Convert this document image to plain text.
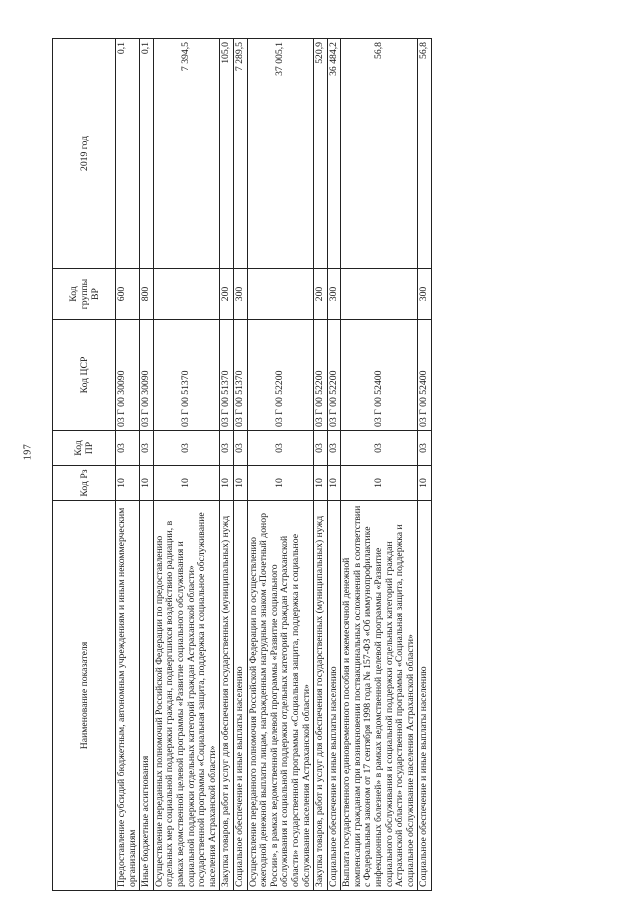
197
Наименование показателя	Код Рз	Код ПР	Код ЦСР	Код группы ВР	2019 год
Предоставление субсидий бюджетным, автономным учреждениям и иным некоммерческим организациям	10	03	03 Г 00 30090	600	0,1
Иные бюджетные ассигнования	10	03	03 Г 00 30090	800	0,1
Осуществление переданных полномочий Российской Федерации по предоставлению отдельных мер социальной поддержки граждан, подвергшихся воздействию радиации, в рамках ведомственной целевой программы «Развитие социального обслуживания и социальной поддержки отдельных категорий граждан Астраханской области» государственной программы «Социальная защита, поддержка и социальное обслуживание населения Астраханской области»	10	03	03 Г 00 51370		7 394,5
Закупка товаров, работ и услуг для обеспечения государственных (муниципальных) нужд	10	03	03 Г 00 51370	200	105,0
Социальное обеспечение и иные выплаты населению	10	03	03 Г 00 51370	300	7 289,5
Осуществление переданного полномочия Российской Федерации по осуществлению ежегодной денежной выплаты лицам, награжденным нагрудным знаком «Почетный донор России», в рамках ведомственной целевой программы «Развитие социального обслуживания и социальной поддержки отдельных категорий граждан Астраханской области» государственной программы «Социальная защита, поддержка и социальное обслуживание населения Астраханской области»	10	03	03 Г 00 52200		37 005,1
Закупка товаров, работ и услуг для обеспечения государственных (муниципальных) нужд	10	03	03 Г 00 52200	200	520,9
Социальное обеспечение и иные выплаты населению	10	03	03 Г 00 52200	300	36 484,2
Выплата государственного единовременного пособия и ежемесячной денежной компенсации гражданам при возникновении поствакцинальных осложнений в соответствии с Федеральным законом от 17 сентября 1998 года № 157-ФЗ «Об иммунопрофилактике инфекционных болезней» в рамках ведомственной целевой программы «Развитие социального обслуживания и социальной поддержки отдельных категорий граждан Астраханской области» государственной программы «Социальная защита, поддержка и социальное обслуживание населения Астраханской области»	10	03	03 Г 00 52400		56,8
Социальное обеспечение и иные выплаты населению	10	03	03 Г 00 52400	300	56,8
